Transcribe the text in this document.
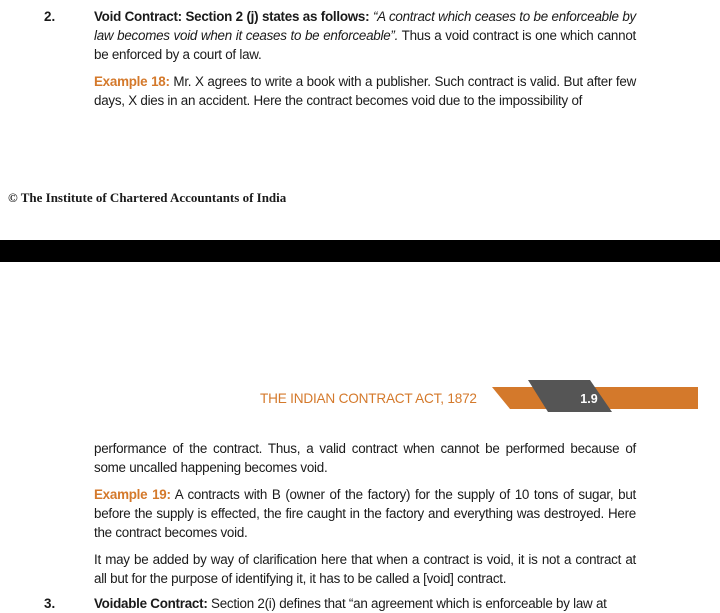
2.	Void Contract: Section 2 (j) states as follows: “A contract which ceases to be enforceable by law becomes void when it ceases to be enforceable”. Thus a void contract is one which cannot be enforced by a court of law.
Example 18: Mr. X agrees to write a book with a publisher. Such contract is valid. But after few days, X dies in an accident. Here the contract becomes void due to the impossibility of
© The Institute of Chartered Accountants of India
THE INDIAN CONTRACT ACT, 1872	1.9
performance of the contract. Thus, a valid contract when cannot be performed because of some uncalled happening becomes void.
Example 19: A contracts with B (owner of the factory) for the supply of 10 tons of sugar, but before the supply is effected, the fire caught in the factory and everything was destroyed. Here the contract becomes void.
It may be added by way of clarification here that when a contract is void, it is not a contract at all but for the purpose of identifying it, it has to be called a [void] contract.
3.	Voidable Contract: Section 2(i) defines that “an agreement which is enforceable by law at
